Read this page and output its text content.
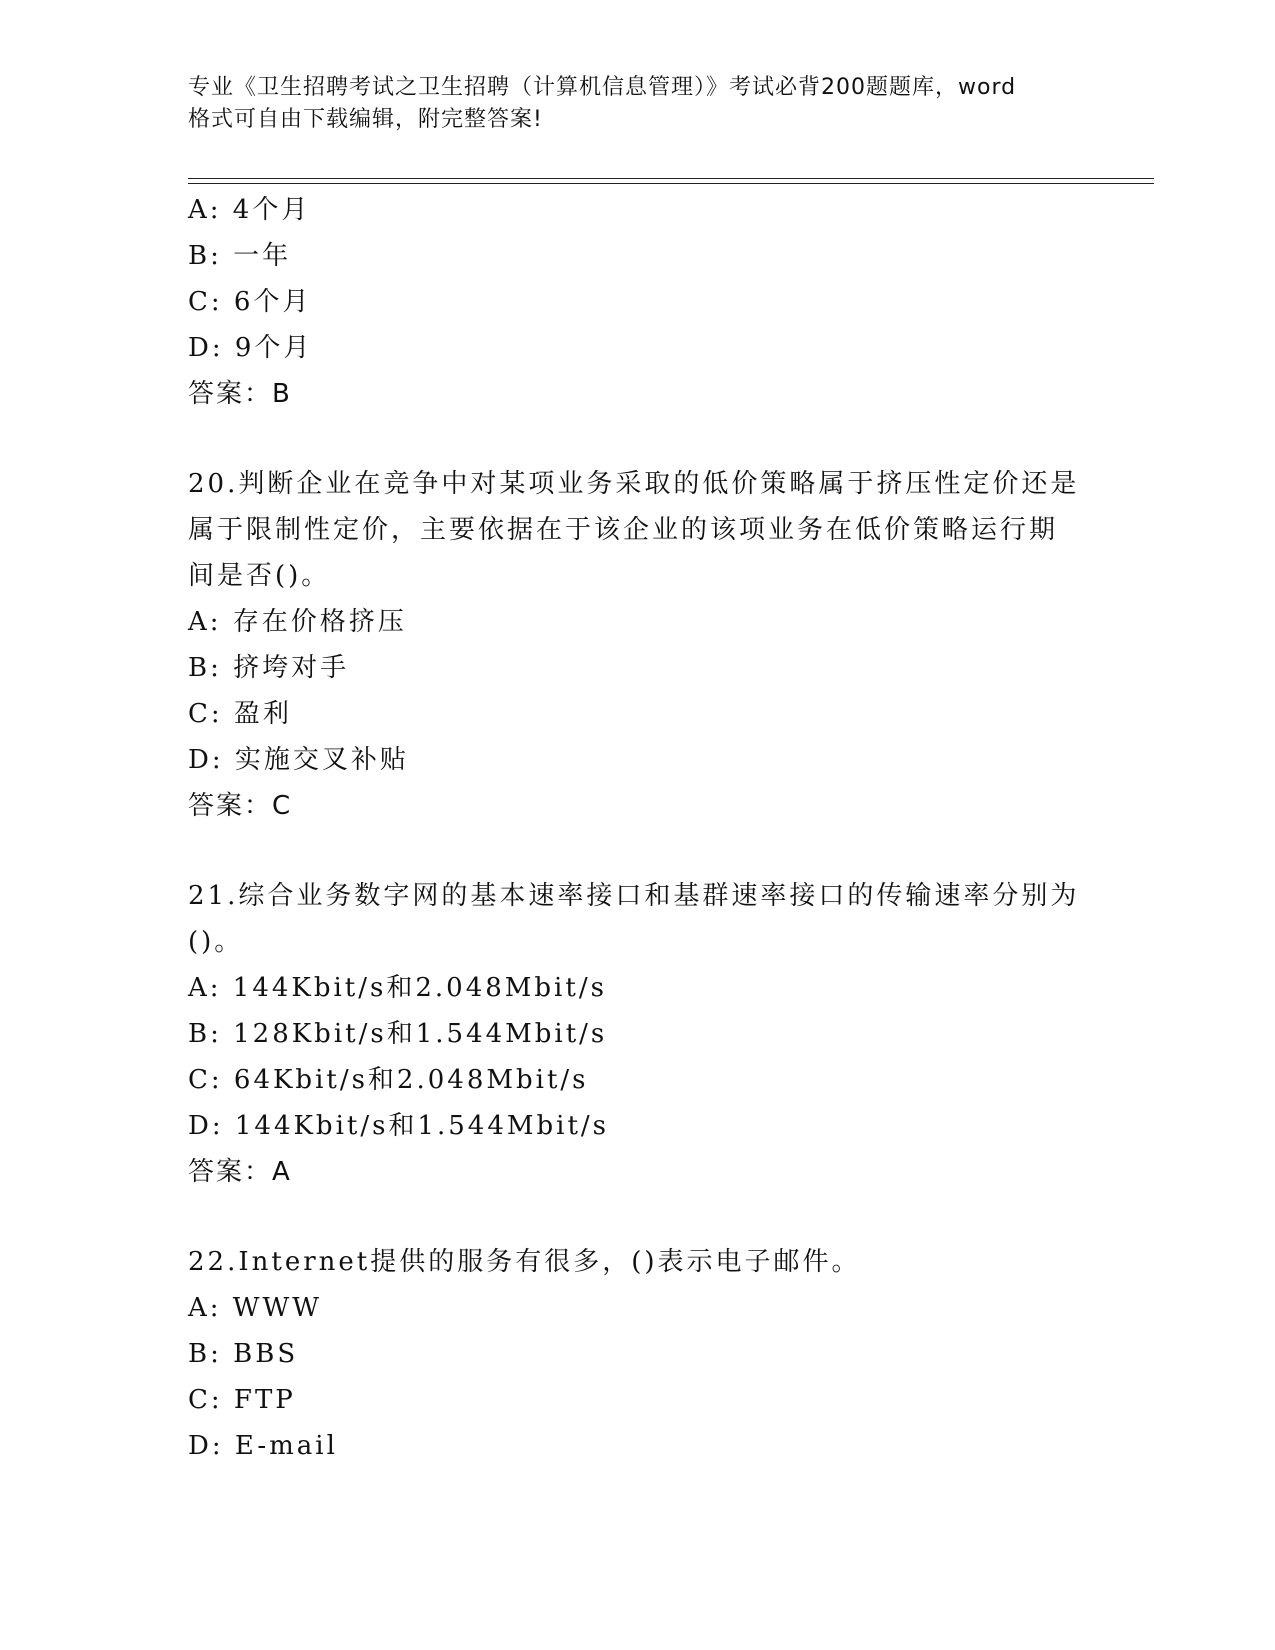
专业《卫生招聘考试之卫生招聘（计算机信息管理）》考试必背200题题库，word
格式可自由下载编辑，附完整答案!
A: 4个月
B: 一年
C: 6个月
D: 9个月
答案：B
20.判断企业在竞争中对某项业务采取的低价策略属于挤压性定价还是
属于限制性定价，主要依据在于该企业的该项业务在低价策略运行期
间是否()。
A: 存在价格挤压
B: 挤垮对手
C: 盈利
D: 实施交叉补贴
答案：C
21.综合业务数字网的基本速率接口和基群速率接口的传输速率分别为
()。
A: 144Kbit/s和2.048Mbit/s
B: 128Kbit/s和1.544Mbit/s
C: 64Kbit/s和2.048Mbit/s
D: 144Kbit/s和1.544Mbit/s
答案：A
22.Internet提供的服务有很多，()表示电子邮件。
A: WWW
B: BBS
C: FTP
D: E-mail
